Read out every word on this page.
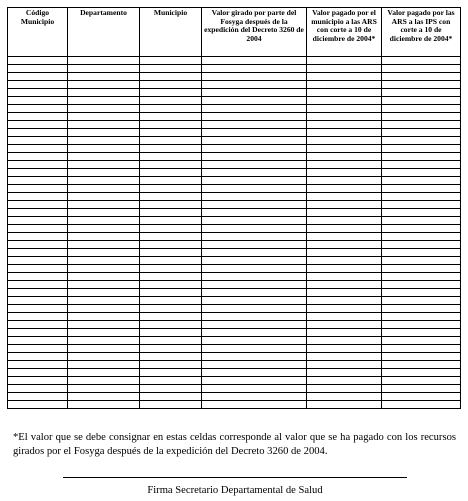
Código Municipio	Departamento	Municipio	Valor girado por parte del Fosyga después de la expedición del Decreto 3260 de 2004	Valor pagado por el municipio a las ARS con corte a 10 de diciembre de 2004*	Valor pagado por las ARS a las IPS con corte a 10 de diciembre de 2004*

*El valor que se debe consignar en estas celdas corresponde al valor que se ha pagado con los recursos girados por el Fosyga después de la expedición del Decreto 3260 de 2004.

Firma Secretario Departamental de Salud
